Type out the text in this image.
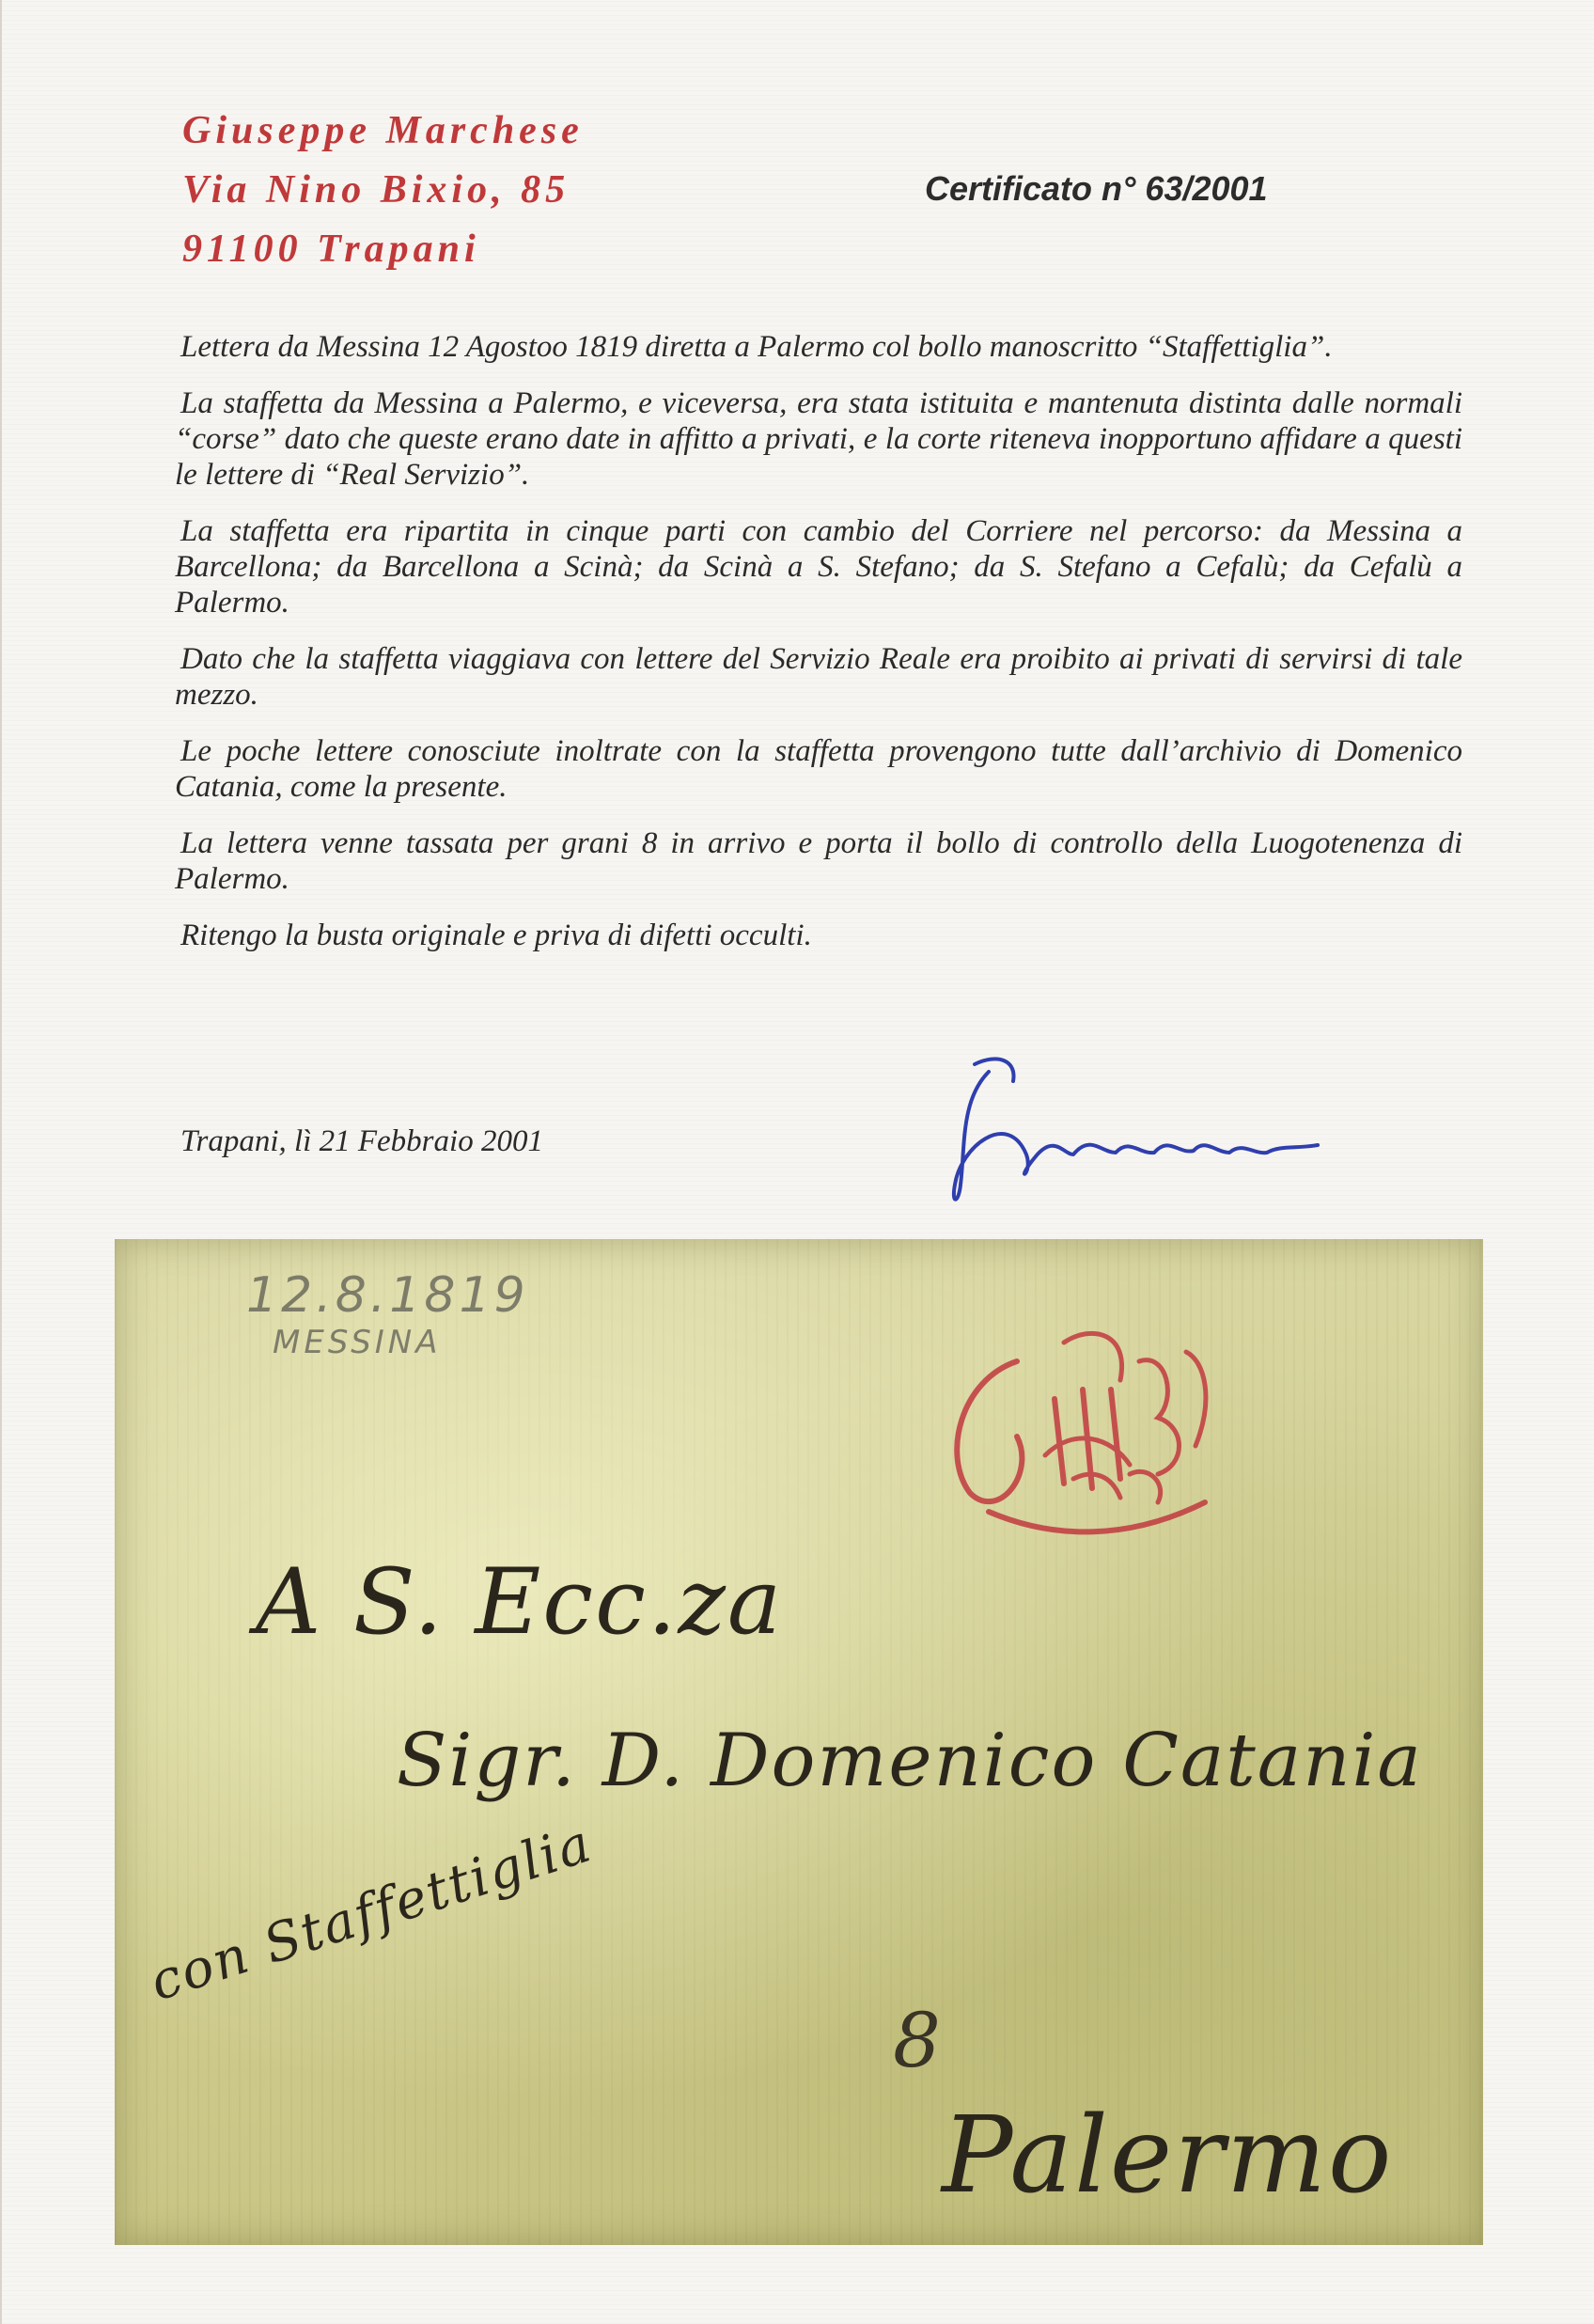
Giuseppe Marchese
Via Nino Bixio, 85
91100 Trapani
Certificato n° 63/2001

Lettera da Messina 12 Agostoo 1819 diretta a Palermo col bollo manoscritto “Staffettiglia”.

La staffetta da Messina a Palermo, e viceversa, era stata istituita e mantenuta distinta dalle normali “corse” dato che queste erano date in affitto a privati, e la corte riteneva inopportuno affidare a questi le lettere di “Real Servizio”.

La staffetta era ripartita in cinque parti con cambio del Corriere nel percorso: da Messina a Barcellona; da Barcellona a Scinà; da Scinà a S. Stefano; da S. Stefano a Cefalù; da Cefalù a Palermo.

Dato che la staffetta viaggiava con lettere del Servizio Reale era proibito ai privati di servirsi di tale mezzo.

Le poche lettere conosciute inoltrate con la staffetta provengono tutte dall’archivio di Domenico Catania, come la presente.

La lettera venne tassata per grani 8 in arrivo e porta il bollo di controllo della Luogotenenza di Palermo.

Ritengo la busta originale e priva di difetti occulti.

Trapani, lì 21 Febbraio 2001
12.8.1819
MESSINA
A S. Ecc.za
Sigr. D. Domenico Catania
con Staffettiglia
8
Palermo
